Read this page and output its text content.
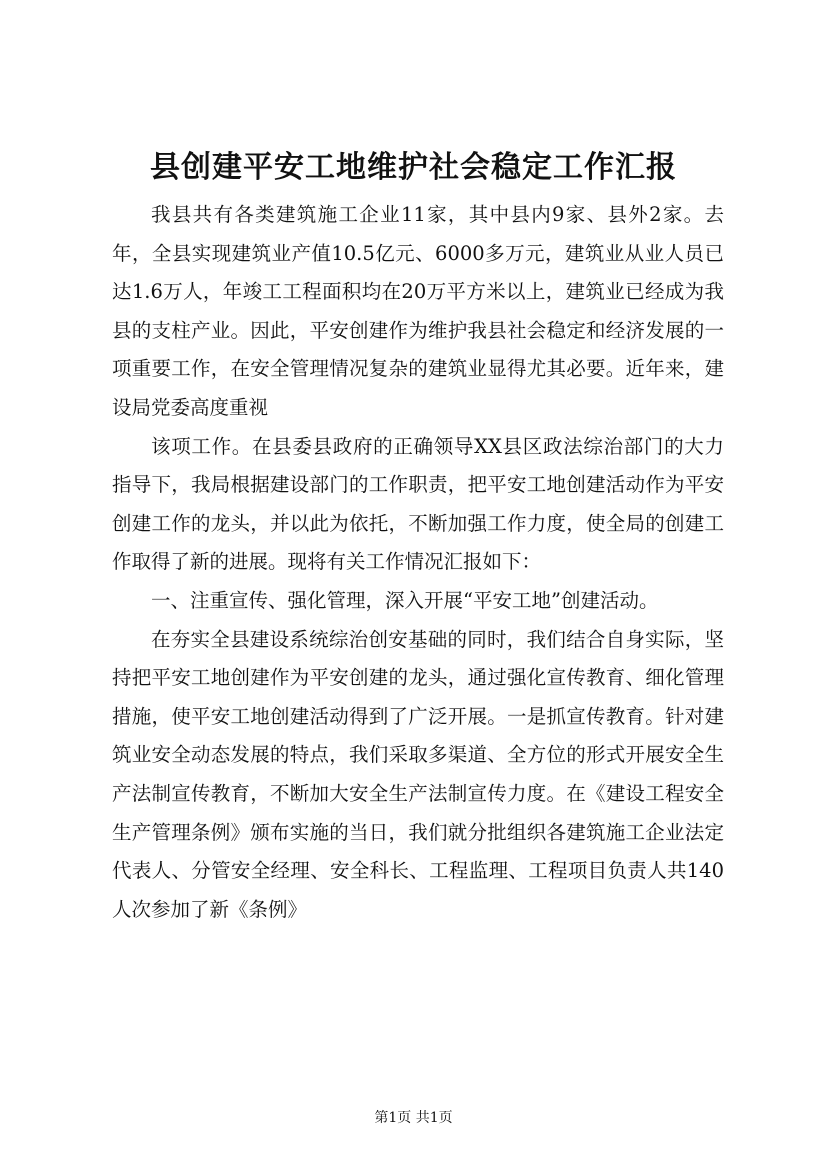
县创建平安工地维护社会稳定工作汇报

我县共有各类建筑施工企业11家，其中县内9家、县外2家。去年，全县实现建筑业产值10.5亿元、6000多万元，建筑业从业人员已达1.6万人，年竣工工程面积均在20万平方米以上，建筑业已经成为我县的支柱产业。因此，平安创建作为维护我县社会稳定和经济发展的一项重要工作，在安全管理情况复杂的建筑业显得尤其必要。近年来，建设局党委高度重视

该项工作。在县委县政府的正确领导XX县区政法综治部门的大力指导下，我局根据建设部门的工作职责，把平安工地创建活动作为平安创建工作的龙头，并以此为依托，不断加强工作力度，使全局的创建工作取得了新的进展。现将有关工作情况汇报如下：

一、注重宣传、强化管理，深入开展“平安工地”创建活动。

在夯实全县建设系统综治创安基础的同时，我们结合自身实际，坚持把平安工地创建作为平安创建的龙头，通过强化宣传教育、细化管理措施，使平安工地创建活动得到了广泛开展。一是抓宣传教育。针对建筑业安全动态发展的特点，我们采取多渠道、全方位的形式开展安全生产法制宣传教育，不断加大安全生产法制宣传力度。在《建设工程安全生产管理条例》颁布实施的当日，我们就分批组织各建筑施工企业法定代表人、分管安全经理、安全科长、工程监理、工程项目负责人共140人次参加了新《条例》

第1页 共1页
